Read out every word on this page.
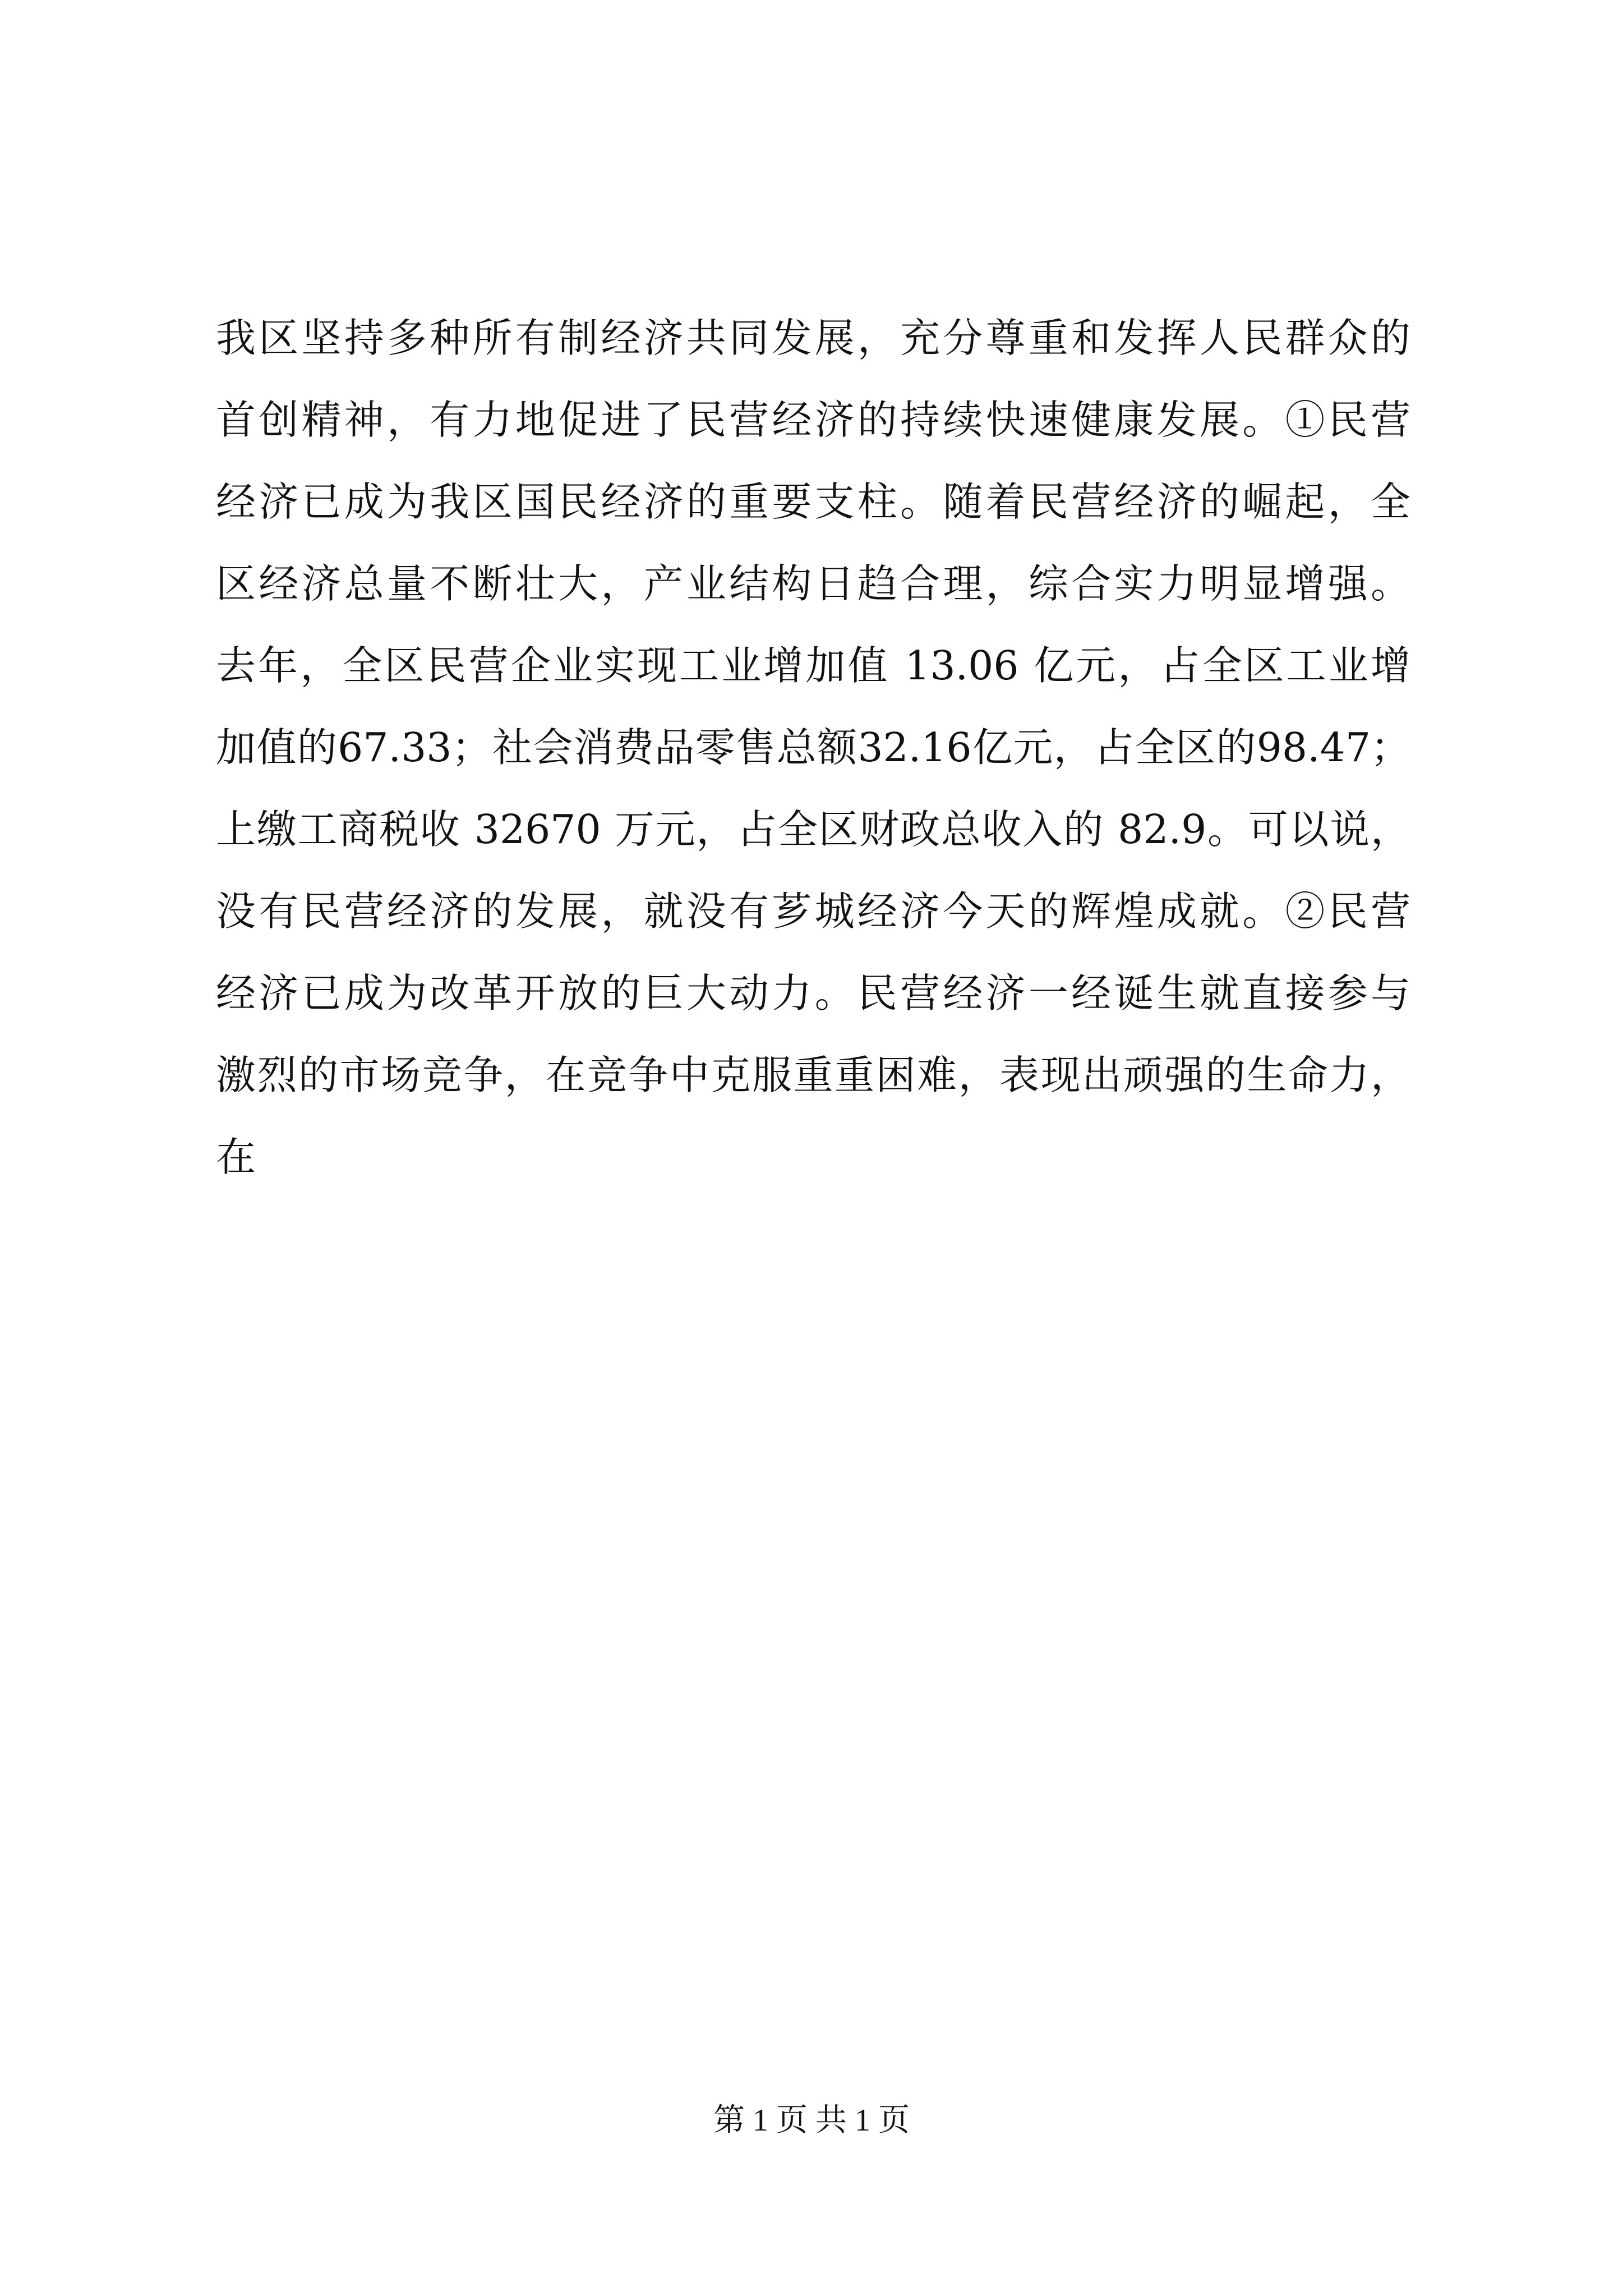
我区坚持多种所有制经济共同发展，充分尊重和发挥人民群众的
首创精神，有力地促进了民营经济的持续快速健康发展。①民营
经济已成为我区国民经济的重要支柱。随着民营经济的崛起，全
区经济总量不断壮大，产业结构日趋合理，综合实力明显增强。
去年，全区民营企业实现工业增加值 13.06 亿元，占全区工业增
加值的67.33；社会消费品零售总额32.16亿元，占全区的98.47；
上缴工商税收 32670 万元，占全区财政总收入的 82.9。可以说，
没有民营经济的发展，就没有芗城经济今天的辉煌成就。②民营
经济已成为改革开放的巨大动力。民营经济一经诞生就直接参与
激烈的市场竞争，在竞争中克服重重困难，表现出顽强的生命力，
在
第 1 页 共 1 页
